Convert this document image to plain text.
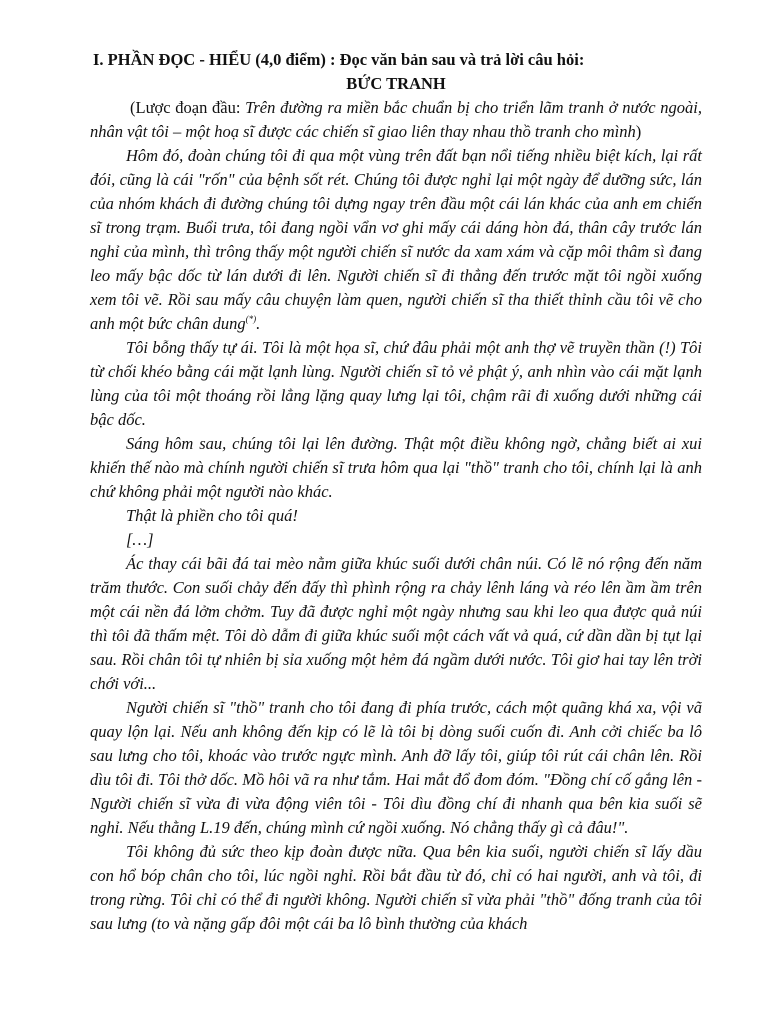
I. PHẦN ĐỌC - HIỂU (4,0 điểm) : Đọc văn bản sau và trả lời câu hỏi:
BỨC TRANH

(Lược đoạn đầu: Trên đường ra miền bắc chuẩn bị cho triển lãm tranh ở nước ngoài, nhân vật tôi – một hoạ sĩ được các chiến sĩ giao liên thay nhau thồ tranh cho mình)

Hôm đó, đoàn chúng tôi đi qua một vùng trên đất bạn nổi tiếng nhiều biệt kích, lại rất đói, cũng là cái "rốn" của bệnh sốt rét. Chúng tôi được nghỉ lại một ngày để dưỡng sức, lán của nhóm khách đi đường chúng tôi dựng ngay trên đầu một cái lán khác của anh em chiến sĩ trong trạm. Buổi trưa, tôi đang ngồi vẩn vơ ghi mấy cái dáng hòn đá, thân cây trước lán nghỉ của mình, thì trông thấy một người chiến sĩ nước da xam xám và cặp môi thâm sì đang leo mấy bậc dốc từ lán dưới đi lên. Người chiến sĩ đi thẳng đến trước mặt tôi ngồi xuống xem tôi vẽ. Rồi sau mấy câu chuyện làm quen, người chiến sĩ tha thiết thỉnh cầu tôi vẽ cho anh một bức chân dung(*).

Tôi bỗng thấy tự ái. Tôi là một họa sĩ, chứ đâu phải một anh thợ vẽ truyền thần (!) Tôi từ chối khéo bằng cái mặt lạnh lùng. Người chiến sĩ tỏ vẻ phật ý, anh nhìn vào cái mặt lạnh lùng của tôi một thoáng rồi lẳng lặng quay lưng lại tôi, chậm rãi đi xuống dưới những cái bậc dốc.

Sáng hôm sau, chúng tôi lại lên đường. Thật một điều không ngờ, chẳng biết ai xui khiến thế nào mà chính người chiến sĩ trưa hôm qua lại "thồ" tranh cho tôi, chính lại là anh chứ không phải một người nào khác.

Thật là phiền cho tôi quá!

[…]

Ác thay cái bãi đá tai mèo nằm giữa khúc suối dưới chân núi. Có lẽ nó rộng đến năm trăm thước. Con suối chảy đến đấy thì phình rộng ra chảy lênh láng và réo lên ầm ầm trên một cái nền đá lởm chởm. Tuy đã được nghỉ một ngày nhưng sau khi leo qua được quả núi thì tôi đã thấm mệt. Tôi dò dẫm đi giữa khúc suối một cách vất vả quá, cứ dần dần bị tụt lại sau. Rồi chân tôi tự nhiên bị sỉa xuống một hẻm đá ngầm dưới nước. Tôi giơ hai tay lên trời chới với...

Người chiến sĩ "thồ" tranh cho tôi đang đi phía trước, cách một quãng khá xa, vội vã quay lộn lại. Nếu anh không đến kịp có lẽ là tôi bị dòng suối cuốn đi. Anh cởi chiếc ba lô sau lưng cho tôi, khoác vào trước ngực mình. Anh đỡ lấy tôi, giúp tôi rút cái chân lên. Rồi dìu tôi đi. Tôi thở dốc. Mồ hôi vã ra như tắm. Hai mắt đổ đom đóm. "Đồng chí cố gắng lên - Người chiến sĩ vừa đi vừa động viên tôi - Tôi dìu đồng chí đi nhanh qua bên kia suối sẽ nghỉ. Nếu thằng L.19 đến, chúng mình cứ ngồi xuống. Nó chẳng thấy gì cả đâu!".

Tôi không đủ sức theo kịp đoàn được nữa. Qua bên kia suối, người chiến sĩ lấy dầu con hổ bóp chân cho tôi, lúc ngồi nghỉ. Rồi bắt đầu từ đó, chỉ có hai người, anh và tôi, đi trong rừng. Tôi chỉ có thể đi người không. Người chiến sĩ vừa phải "thồ" đống tranh của tôi sau lưng (to và nặng gấp đôi một cái ba lô bình thường của khách
